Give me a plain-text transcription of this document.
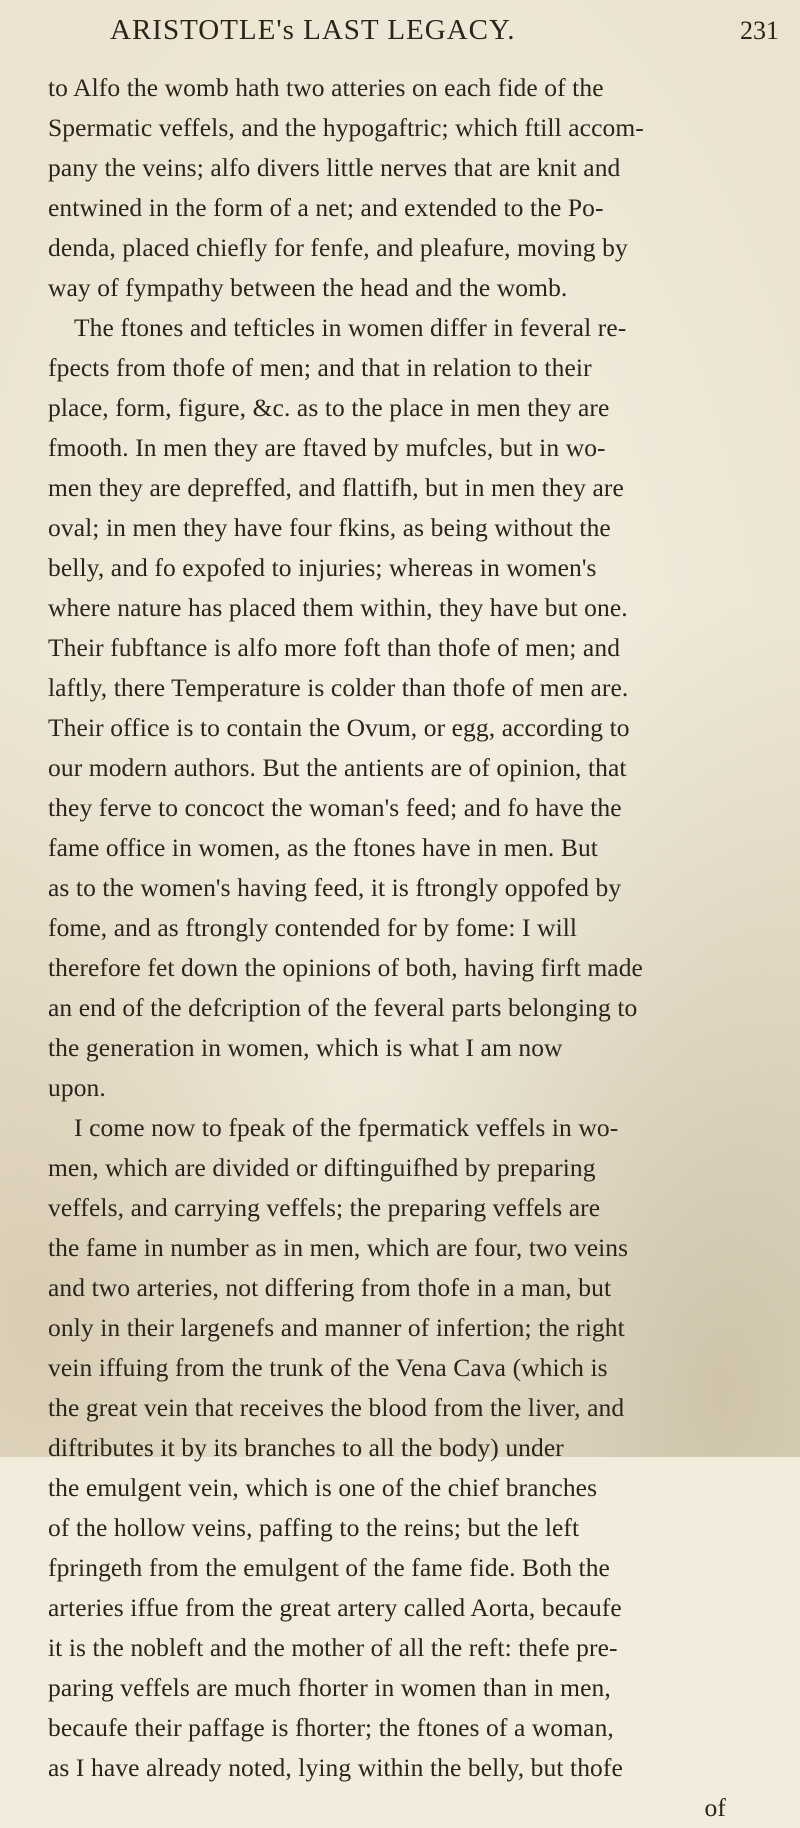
ARISTOTLE's LAST LEGACY.	231
to Alfo the womb hath two atteries on each fide of the
Spermatic veffels, and the hypogaftric; which ftill accom-
pany the veins; alfo divers little nerves that are knit and
entwined in the form of a net; and extended to the Po-
denda, placed chiefly for fenfe, and pleafure, moving by
way of fympathy between the head and the womb.
The ftones and tefticles in women differ in feveral re-
fpects from thofe of men; and that in relation to their
place, form, figure, &c. as to the place in men they are
fmooth. In men they are ftaved by mufcles, but in wo-
men they are depreffed, and flattifh, but in men they are
oval; in men they have four fkins, as being without the
belly, and fo expofed to injuries; whereas in women's
where nature has placed them within, they have but one.
Their fubftance is alfo more foft than thofe of men; and
laftly, there Temperature is colder than thofe of men are.
Their office is to contain the Ovum, or egg, according to
our modern authors. But the antients are of opinion, that
they ferve to concoct the woman's feed; and fo have the
fame office in women, as the ftones have in men. But
as to the women's having feed, it is ftrongly oppofed by
fome, and as ftrongly contended for by fome: I will
therefore fet down the opinions of both, having firft made
an end of the defcription of the feveral parts belonging to
the generation in women, which is what I am now
upon.
I come now to fpeak of the fpermatick veffels in wo-
men, which are divided or diftinguifhed by preparing
veffels, and carrying veffels; the preparing veffels are
the fame in number as in men, which are four, two veins
and two arteries, not differing from thofe in a man, but
only in their largenefs and manner of infertion; the right
vein iffuing from the trunk of the Vena Cava (which is
the great vein that receives the blood from the liver, and
diftributes it by its branches to all the body) under
the emulgent vein, which is one of the chief branches
of the hollow veins, paffing to the reins; but the left
fpringeth from the emulgent of the fame fide. Both the
arteries iffue from the great artery called Aorta, becaufe
it is the nobleft and the mother of all the reft: thefe pre-
paring veffels are much fhorter in women than in men,
becaufe their paffage is fhorter; the ftones of a woman,
as I have already noted, lying within the belly, but thofe
of
